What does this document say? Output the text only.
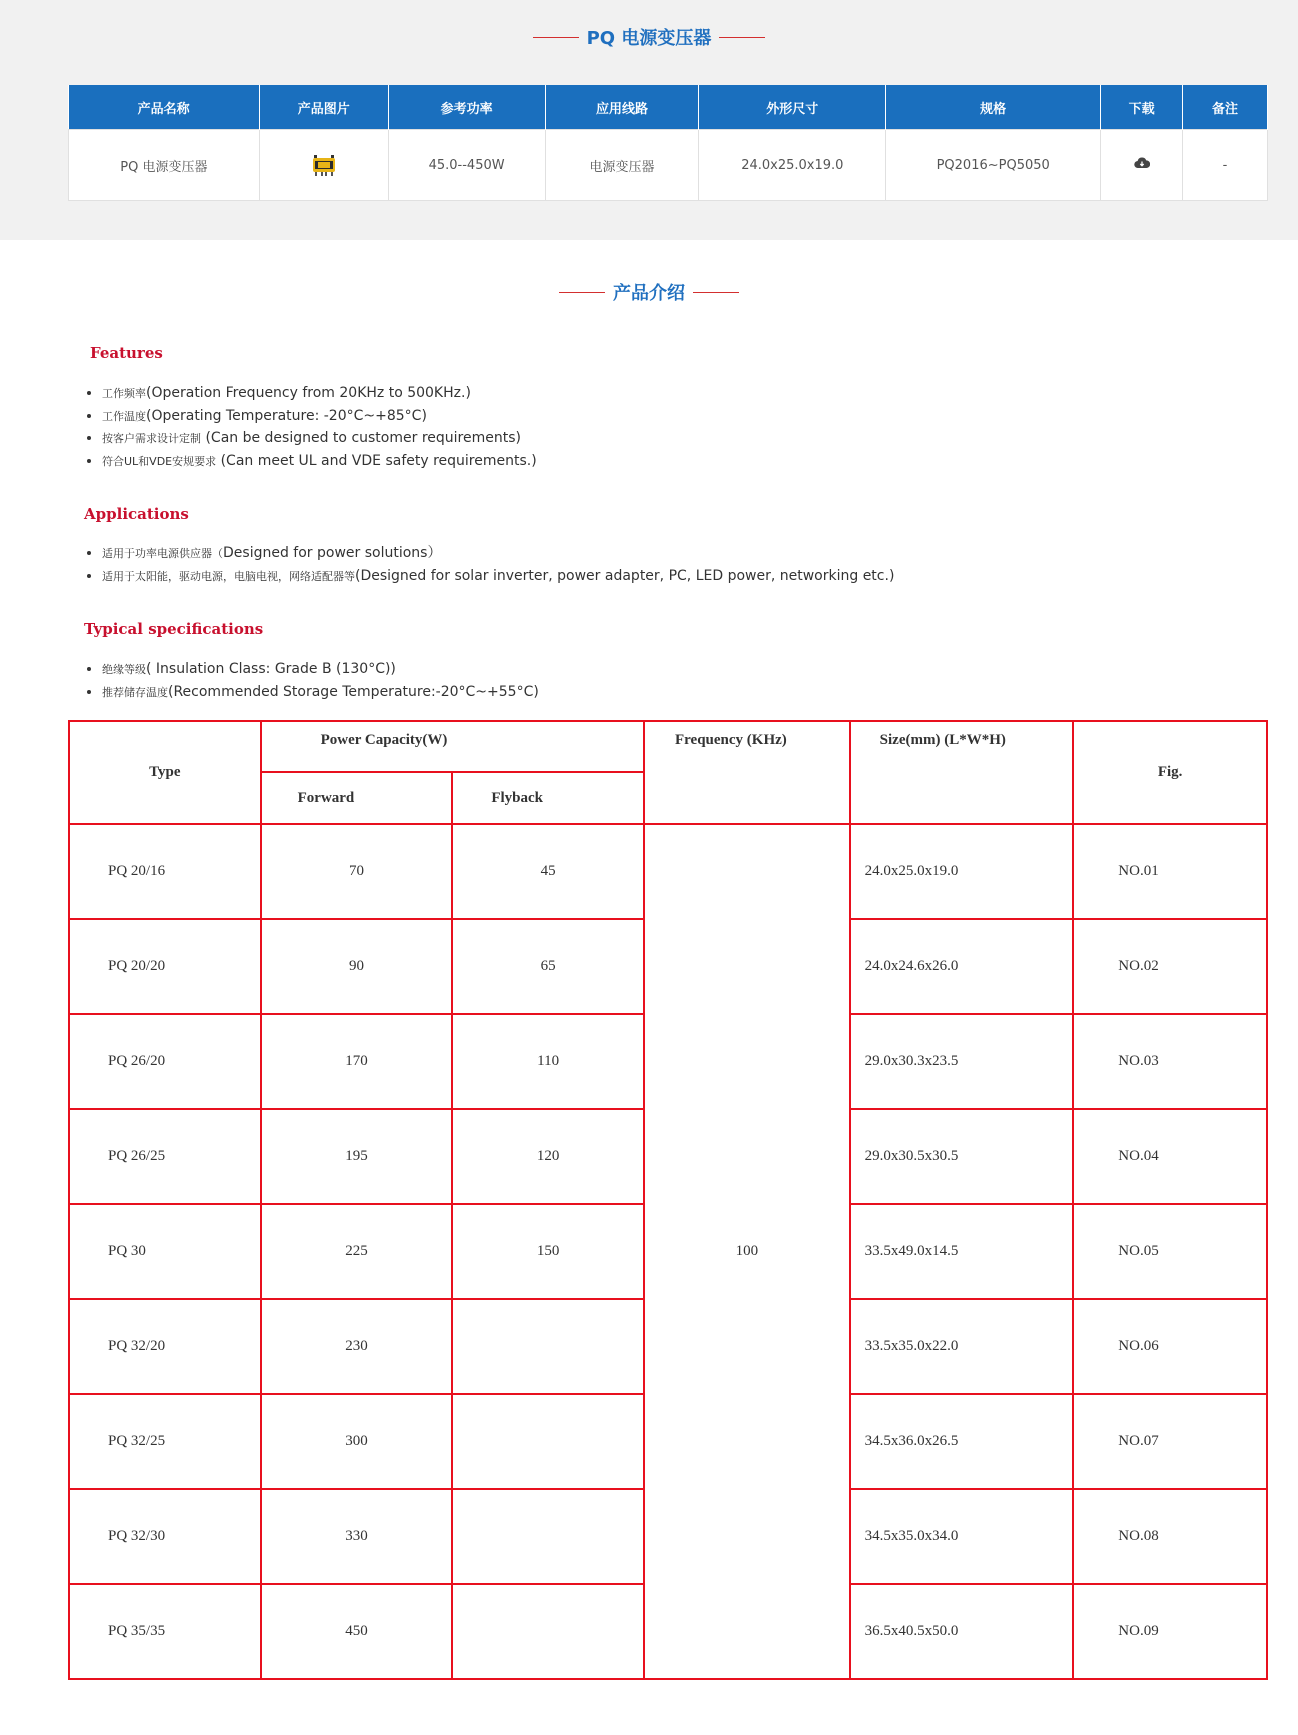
PQ 电源变压器
产品名称	产品图片	参考功率	应用线路	外形尺寸	规格	下载	备注
PQ 电源变压器		45.0--450W	电源变压器	24.0x25.0x19.0	PQ2016~PQ5050		-
产品介绍
Features
• 工作频率(Operation Frequency from 20KHz to 500KHz.)
• 工作温度(Operating Temperature: -20°C~+85°C)
• 按客户需求设计定制 (Can be designed to customer requirements)
• 符合UL和VDE安规要求 (Can meet UL and VDE safety requirements.)
Applications
• 适用于功率电源供应器（Designed for power solutions）
• 适用于太阳能，驱动电源，电脑电视，网络适配器等(Designed for solar inverter, power adapter, PC, LED power, networking etc.)
Typical specifications
• 绝缘等级( Insulation Class: Grade B (130°C))
• 推荐储存温度(Recommended Storage Temperature:-20°C~+55°C)
Type	Power Capacity(W)		Frequency (KHz)	Size(mm) (L*W*H)	Fig.
	Forward	Flyback			
PQ 20/16	70	45	100	24.0x25.0x19.0	NO.01
PQ 20/20	90	65		24.0x24.6x26.0	NO.02
PQ 26/20	170	110		29.0x30.3x23.5	NO.03
PQ 26/25	195	120		29.0x30.5x30.5	NO.04
PQ 30	225	150		33.5x49.0x14.5	NO.05
PQ 32/20	230			33.5x35.0x22.0	NO.06
PQ 32/25	300			34.5x36.0x26.5	NO.07
PQ 32/30	330			34.5x35.0x34.0	NO.08
PQ 35/35	450			36.5x40.5x50.0	NO.09
